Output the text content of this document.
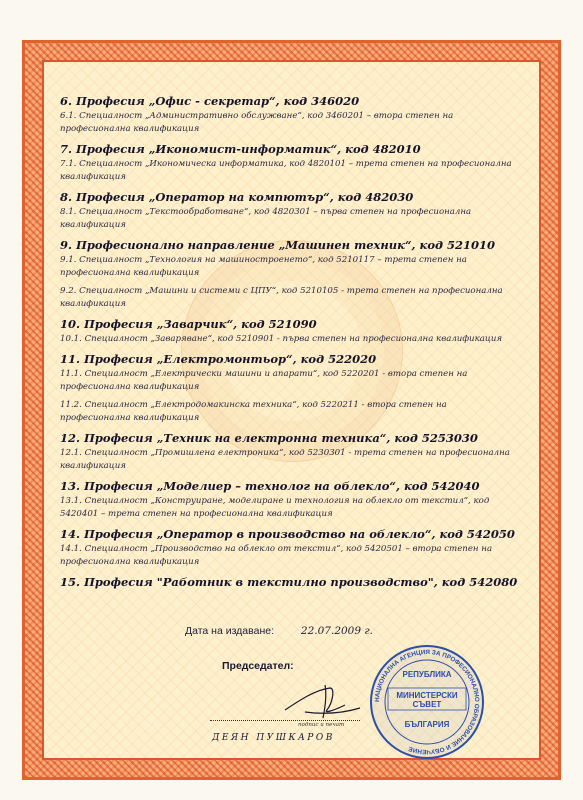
6. Професия „Офис - секретар“, код 346020

6.1. Специалност „Административно обслужване“, код 3460201 – втора степен на професионална квалификация

7. Професия „Икономист-информатик“, код 482010

7.1. Специалност „Икономическа информатика, код 4820101 – трета степен на професионална квалификация

8. Професия „Оператор на компютър“, код 482030

8.1. Специалност „Текстообработване“, код 4820301 – първа степен на професионална квалификация

9. Професионално направление „Машинен техник“, код 521010

9.1. Специалност „Технология на машиностроенето“, код 5210117 – трета степен на професионална квалификация

9.2. Специалност „Машини и системи с ЦПУ“, код 5210105 - трета степен на професионална квалификация

10. Професия „Заварчик“, код 521090

10.1. Специалност „Заваряване“, код 5210901 - първа степен на професионална квалификация

11. Професия „Електромонтьор“, код 522020

11.1. Специалност „Електрически машини и апарати“, код 5220201 - втора степен на професионална квалификация

11.2. Специалност „Електродомакинска техника“, код 5220211 - втора степен на професионална квалификация

12. Професия „Техник на електронна техника“, код 5253030

12.1. Специалност „Промишлена електроника“, код 5230301 - трета степен на професионална квалификация

13. Професия „Моделиер – технолог на облекло“, код 542040

13.1. Специалност „Конструиране, моделиране и технология на облекло от текстил“, код 5420401 – трета степен на професионална квалификация

14. Професия „Оператор в производство на облекло“, код 542050

14.1. Специалност „Производство на облекло от текстил“, код 5420501 – втора степен на професионална квалификация

15. Професия "Работник в текстилно производство", код 542080

Дата на издаване:	22.07.2009 г.
Председател:
подпис и печат
ДЕЯН ПУШКАРОВ
НАЦИОНАЛНА АГЕНЦИЯ ЗА ПРОФЕСИОНАЛНО ОБРАЗОВАНИЕ И ОБУЧЕНИЕ
РЕПУБЛИКА
МИНИСТЕРСКИ
СЪВЕТ
БЪЛГАРИЯ
